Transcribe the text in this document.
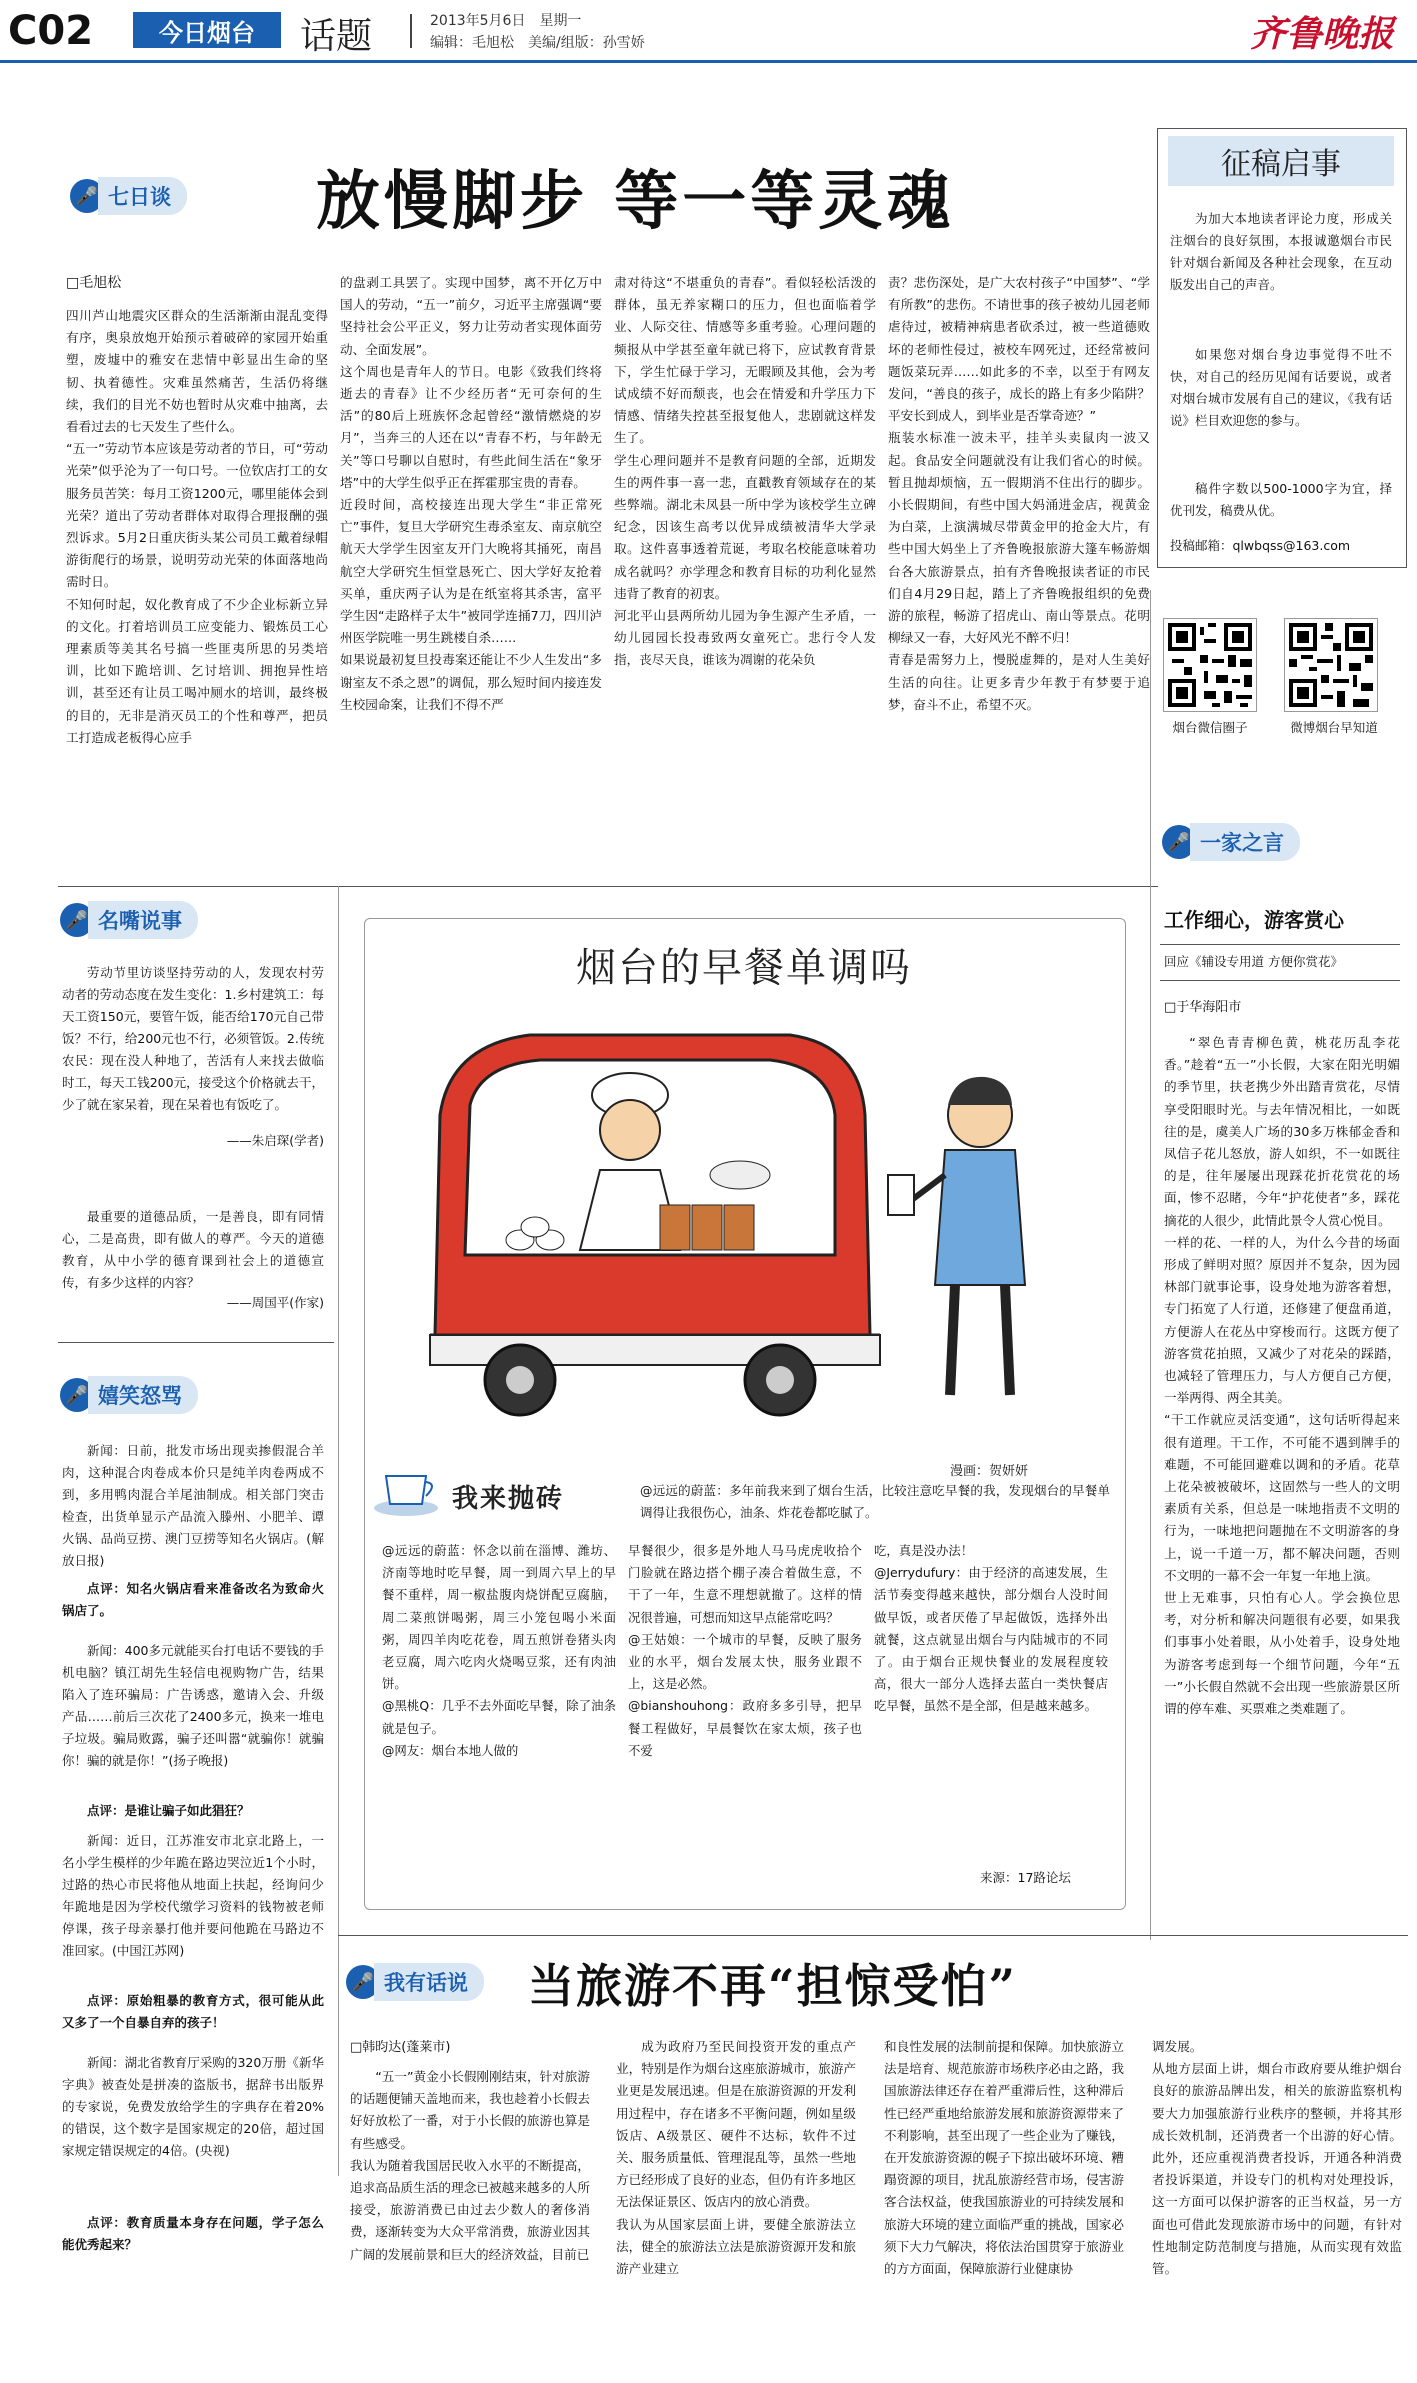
C02	今日烟台	话题	2013年5月6日　星期一
编辑：毛旭松　美编/组版：孙雪娇	齐鲁晚报
🎤 七日谈 放慢脚步 等一等灵魂
□毛旭松
四川芦山地震灾区群众的生活渐渐由混乱变得有序，奥泉放炮开始预示着破碎的家园开始重塑，废墟中的雅安在悲情中彰显出生命的坚韧、执着德性。灾难虽然痛苦，生活仍将继续，我们的目光不妨也暂时从灾难中抽离，去看看过去的七天发生了些什么。
“五一”劳动节本应该是劳动者的节日，可“劳动光荣”似乎沦为了一句口号。一位钦店打工的女服务员苦笑：每月工资1200元，哪里能体会到光荣？道出了劳动者群体对取得合理报酬的强烈诉求。5月2日重庆街头某公司员工戴着绿帽游街爬行的场景，说明劳动光荣的体面落地尚需时日。
不知何时起，奴化教育成了不少企业标新立异的文化。打着培训员工应变能力、锻炼员工心理素质等美其名号搞一些匪夷所思的另类培训，比如下跪培训、乞讨培训、拥抱异性培训，甚至还有让员工喝冲厕水的培训，最终极的目的，无非是消灭员工的个性和尊严，把员工打造成老板得心应手
的盘剥工具罢了。实现中国梦，离不开亿万中国人的劳动，“五一”前夕，习近平主席强调“要坚持社会公平正义，努力让劳动者实现体面劳动、全面发展”。
这个周也是青年人的节日。电影《致我们终将逝去的青春》让不少经历者“无可奈何的生活”的80后上班族怀念起曾经“激情燃烧的岁月”，当奔三的人还在以“青春不朽，与年龄无关”等口号聊以自慰时，有些此间生活在“象牙塔”中的大学生似乎正在挥霍那宝贵的青春。
近段时间，高校接连出现大学生“非正常死亡”事件，复旦大学研究生毒杀室友、南京航空航天大学学生因室友开门大晚将其捅死，南昌航空大学研究生恒堂恳死亡、因大学好友抢着买单，重庆两子认为是在纸室将其杀害，富平学生因“走路样子太牛”被同学连捅7刀，四川泸州医学院唯一男生跳楼自杀……
如果说最初复旦投毒案还能让不少人生发出“多谢室友不杀之恩”的调侃，那么短时间内接连发生校园命案，让我们不得不严
肃对待这“不堪重负的青春”。看似轻松活泼的群体，虽无养家糊口的压力，但也面临着学业、人际交往、情感等多重考验。心理问题的频报从中学甚至童年就已将下，应试教育背景下，学生忙碌于学习，无暇顾及其他，会为考试成绩不好而颓丧，也会在情爱和升学压力下情感、情绪失控甚至报复他人，悲剧就这样发生了。
学生心理问题并不是教育问题的全部，近期发生的两件事一喜一悲，直戳教育领域存在的某些弊端。湖北未凤县一所中学为该校学生立碑纪念，因该生高考以优异成绩被清华大学录取。这件喜事透着荒诞，考取名校能意味着功成名就吗？亦学理念和教育目标的功利化显然违背了教育的初衷。
河北平山县两所幼儿园为争生源产生矛盾，一幼儿园园长投毒致两女童死亡。悲行令人发指，丧尽天良，谁该为凋谢的花朵负
责？悲伤深处，是广大农村孩子“中国梦”、“学有所教”的悲伤。不请世事的孩子被幼儿园老师虐待过，被精神病患者砍杀过，被一些道德败坏的老师性侵过，被校车网死过，还经常被问题饭菜玩弄……如此多的不幸，以至于有网友发问，“善良的孩子，成长的路上有多少陷阱？平安长到成人，到毕业是否掌奇迹？”
瓶装水标准一波未平，挂羊头卖鼠肉一波又起。食品安全问题就没有让我们省心的时候。暂且抛却烦恼，五一假期消不住出行的脚步。小长假期间，有些中国大妈涌进金店，视黄金为白菜，上演满城尽带黄金甲的抢金大片，有些中国大妈坐上了齐鲁晚报旅游大篷车畅游烟台各大旅游景点，拍有齐鲁晚报读者证的市民们自4月29日起，踏上了齐鲁晚报组织的免费游的旅程，畅游了招虎山、南山等景点。花明柳绿又一春，大好风光不醉不归！
青春是需努力上，慢脱虚舞的，是对人生美好生活的向往。让更多青少年教于有梦要于追梦，奋斗不止，希望不灭。
征稿启事
为加大本地读者评论力度，形成关注烟台的良好氛围，本报诚邀烟台市民针对烟台新闻及各种社会现象，在互动版发出自己的声音。
如果您对烟台身边事觉得不吐不快，对自己的经历见闻有话要说，或者对烟台城市发展有自己的建议，《我有话说》栏目欢迎您的参与。
稿件字数以500-1000字为宜，择优刊发，稿费从优。
投稿邮箱：qlwbqss@163.com
烟台微信圈子	微博烟台早知道
🎤 名嘴说事
劳动节里访谈坚持劳动的人，发现农村劳动者的劳动态度在发生变化：1.乡村建筑工：每天工资150元，要管午饭，能否给170元自己带饭？不行，给200元也不行，必须管饭。2.传统农民：现在没人种地了，苦活有人来找去做临时工，每天工钱200元，接受这个价格就去干，少了就在家呆着，现在呆着也有饭吃了。
——朱启琛(学者)
最重要的道德品质，一是善良，即有同情心，二是高贵，即有做人的尊严。今天的道德教育，从中小学的德育课到社会上的道德宣传，有多少这样的内容？
——周国平(作家)
🎤 嬉笑怒骂
新闻：日前，批发市场出现卖掺假混合羊肉，这种混合肉卷成本价只是纯羊肉卷两成不到，多用鸭肉混合羊尾油制成。相关部门突击检查，出货单显示产品流入滕州、小肥羊、谭火锅、品尚豆捞、澳门豆捞等知名火锅店。(解放日报)
点评：知名火锅店看来准备改名为致命火锅店了。
新闻：400多元就能买台打电话不要钱的手机电脑？镇江胡先生轻信电视购物广告，结果陷入了连环骗局：广告诱惑，邀请入会、升级产品……前后三次花了2400多元，换来一堆电子垃圾。骗局败露，骗子还叫嚣“就骗你！就骗你！骗的就是你！”(扬子晚报)
点评：是谁让骗子如此猖狂？
新闻：近日，江苏淮安市北京北路上，一名小学生模样的少年跪在路边哭泣近1个小时，过路的热心市民将他从地面上扶起，经询问少年跪地是因为学校代缴学习资料的钱物被老师停课，孩子母亲暴打他并要问他跪在马路边不准回家。(中国江苏网)
点评：原始粗暴的教育方式，很可能从此又多了一个自暴自弃的孩子！
新闻：湖北省教育厅采购的320万册《新华字典》被查处是拼凑的盗版书，据辞书出版界的专家说，免费发放给学生的字典存在着20%的错误，这个数字是国家规定的20倍，超过国家规定错误规定的4倍。(央视)
点评：教育质量本身存在问题，学子怎么能优秀起来？
烟台的早餐单调吗
漫画：贺妍妍
我来抛砖	@远远的蔚蓝：多年前我来到了烟台生活，比较注意吃早餐的我，发现烟台的早餐单调得让我很伤心，油条、炸花卷都吃腻了。
@远远的蔚蓝：怀念以前在淄博、潍坊、济南等地时吃早餐，周一到周六早上的早餐不重样，周一椒盐腹肉烧饼配豆腐脑，周二菜煎饼喝粥，周三小笼包喝小米面粥，周四羊肉吃花卷，周五煎饼卷猪头肉老豆腐，周六吃肉火烧喝豆浆，还有肉油饼。
@黑桃Q：几乎不去外面吃早餐，除了油条就是包子。
@网友：烟台本地人做的
早餐很少，很多是外地人马马虎虎收拾个门脸就在路边搭个棚子凑合着做生意，不干了一年，生意不理想就撤了。这样的情况很普遍，可想而知这早点能常吃吗？
@王姑娘：一个城市的早餐，反映了服务业的水平，烟台发展太快，服务业跟不上，这是必然。
@bianshouhong：政府多多引导，把早餐工程做好，早晨餐饮在家太烦，孩子也不爱
吃，真是没办法！
@Jerrydufury：由于经济的高速发展，生活节奏变得越来越快，部分烟台人没时间做早饭，或者厌倦了早起做饭，选择外出就餐，这点就显出烟台与内陆城市的不同了。由于烟台正规快餐业的发展程度较高，很大一部分人选择去蓝白一类快餐店吃早餐，虽然不是全部，但是越来越多。
来源：17路论坛
🎤 一家之言
工作细心，游客赏心
回应《辅设专用道 方便你赏花》
□于华海阳市
“翠色青青柳色黄，桃花历乱李花香。”趁着“五一”小长假，大家在阳光明媚的季节里，扶老携少外出踏青赏花，尽情享受阳眼时光。与去年情况相比，一如既往的是，虞美人广场的30多万株郁金香和凤信子花儿怒放，游人如织，不一如既往的是，往年屡屡出现踩花折花赏花的场面，惨不忍睹，今年“护花使者”多，踩花摘花的人很少，此情此景令人赏心悦目。
一样的花、一样的人，为什么今昔的场面形成了鲜明对照？原因并不复杂，因为园林部门就事论事，设身处地为游客着想，专门拓宽了人行道，还修建了便盘甬道，方便游人在花丛中穿梭而行。这既方便了游客赏花拍照，又减少了对花朵的踩踏，也减轻了管理压力，与人方便自己方便，一举两得、两全其美。
“干工作就应灵活变通”，这句话听得起来很有道理。干工作，不可能不遇到牌手的难题，不可能回避难以调和的矛盾。花草上花朵被被破坏，这固然与一些人的文明素质有关系，但总是一味地指责不文明的行为，一味地把问题抛在不文明游客的身上，说一千道一万，都不解决问题，否则不文明的一幕不会一年复一年地上演。
世上无难事，只怕有心人。学会换位思考，对分析和解决问题很有必要，如果我们事事小处着眼，从小处着手，设身处地为游客考虑到每一个细节问题，今年“五一”小长假自然就不会出现一些旅游景区所谓的停车难、买票难之类难题了。
🎤 我有话说	当旅游不再“担惊受怕”
□韩昀达(蓬莱市)
“五一”黄金小长假刚刚结束，针对旅游的话题便铺天盖地而来，我也趁着小长假去好好放松了一番，对于小长假的旅游也算是有些感受。
我认为随着我国居民收入水平的不断提高，追求高品质生活的理念已被越来越多的人所接受，旅游消费已由过去少数人的奢侈消费，逐渐转变为大众平常消费，旅游业因其广阔的发展前景和巨大的经济效益，目前已
成为政府乃至民间投资开发的重点产业，特别是作为烟台这座旅游城市，旅游产业更是发展迅速。但是在旅游资源的开发利用过程中，存在诸多不平衡问题，例如星级饭店、A级景区、硬件不达标，软件不过关、服务质量低、管理混乱等，虽然一些地方已经形成了良好的业态，但仍有许多地区无法保证景区、饭店内的放心消费。
我认为从国家层面上讲，要健全旅游法立法，健全的旅游法立法是旅游资源开发和旅游产业建立
和良性发展的法制前提和保障。加快旅游立法是培育、规范旅游市场秩序必由之路，我国旅游法律还存在着严重滞后性，这种滞后性已经严重地给旅游发展和旅游资源带来了不利影响，甚至出现了一些企业为了赚钱，在开发旅游资源的幌子下掠出破坏环境、糟蹋资源的项目，扰乱旅游经营市场，侵害游客合法权益，使我国旅游业的可持续发展和旅游大环境的建立面临严重的挑战，国家必须下大力气解决，将依法治国贯穿于旅游业的方方面面，保障旅游行业健康协
调发展。
从地方层面上讲，烟台市政府要从维护烟台良好的旅游品牌出发，相关的旅游监察机构要大力加强旅游行业秩序的整顿，并将其形成长效机制，还消费者一个出游的好心情。此外，还应重视消费者投诉，开通各种消费者投诉渠道，并设专门的机构对处理投诉，这一方面可以保护游客的正当权益，另一方面也可借此发现旅游市场中的问题，有针对性地制定防范制度与措施，从而实现有效监管。
